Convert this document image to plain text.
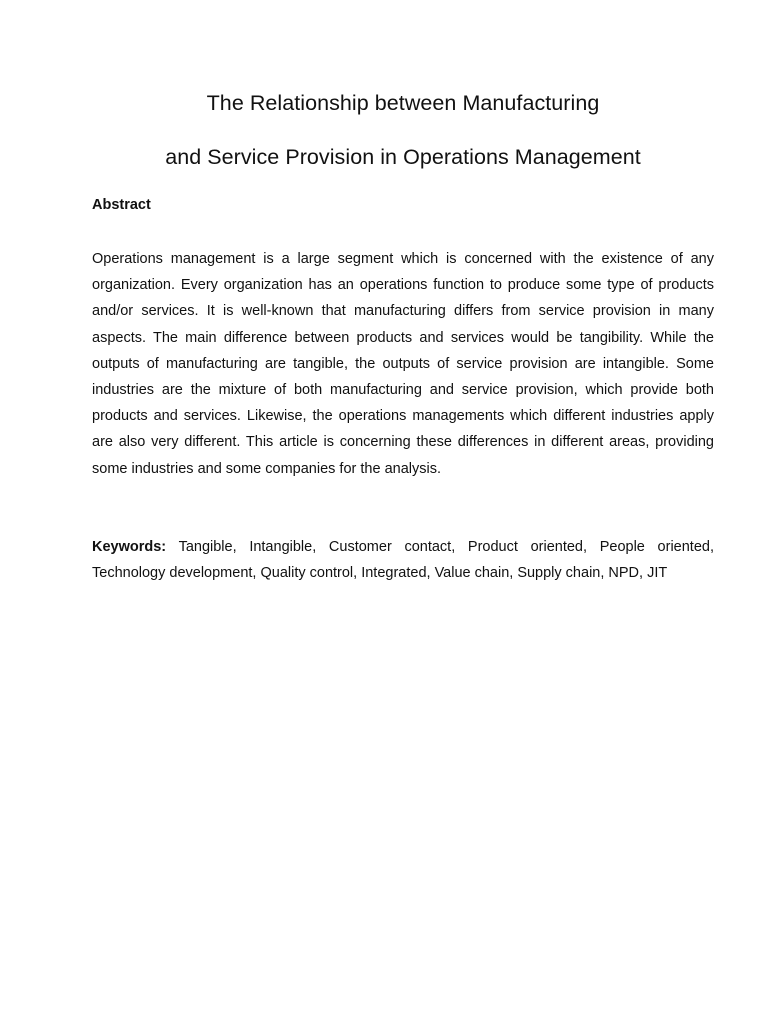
The Relationship between Manufacturing
and Service Provision in Operations Management
Abstract

Operations management is a large segment which is concerned with the existence of any organization. Every organization has an operations function to produce some type of products and/or services. It is well-known that manufacturing differs from service provision in many aspects. The main difference between products and services would be tangibility. While the outputs of manufacturing are tangible, the outputs of service provision are intangible. Some industries are the mixture of both manufacturing and service provision, which provide both products and services. Likewise, the operations managements which different industries apply are also very different. This article is concerning these differences in different areas, providing some industries and some companies for the analysis.

Keywords: Tangible, Intangible, Customer contact, Product oriented, People oriented, Technology development, Quality control, Integrated, Value chain, Supply chain, NPD, JIT
